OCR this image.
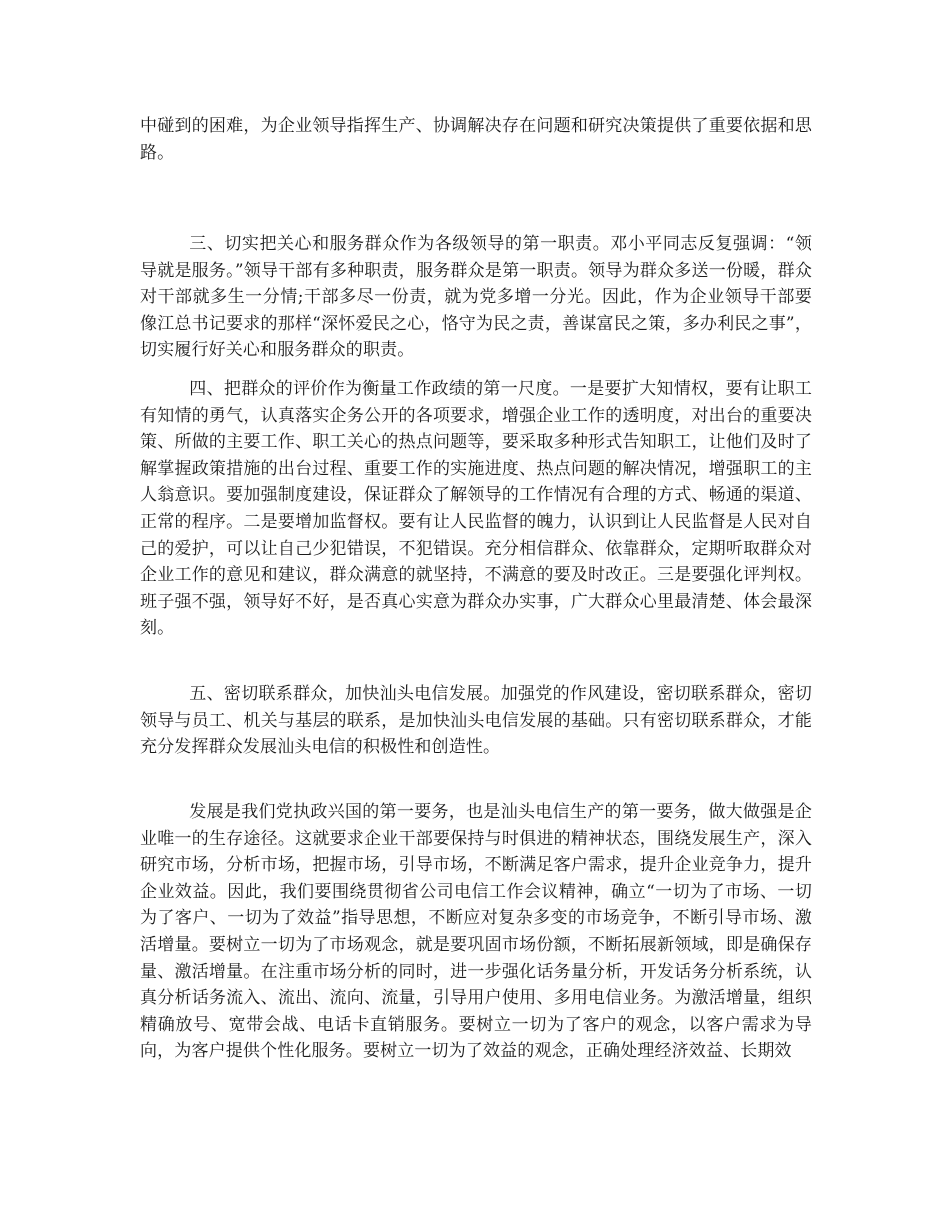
中碰到的困难，为企业领导指挥生产、协调解决存在问题和研究决策提供了重要依据和思路。

三、切实把关心和服务群众作为各级领导的第一职责。邓小平同志反复强调：“领导就是服务。”领导干部有多种职责，服务群众是第一职责。领导为群众多送一份暖，群众对干部就多生一分情;干部多尽一份责，就为党多增一分光。因此，作为企业领导干部要像江总书记要求的那样“深怀爱民之心，恪守为民之责，善谋富民之策，多办利民之事”，切实履行好关心和服务群众的职责。

四、把群众的评价作为衡量工作政绩的第一尺度。一是要扩大知情权，要有让职工有知情的勇气，认真落实企务公开的各项要求，增强企业工作的透明度，对出台的重要决策、所做的主要工作、职工关心的热点问题等，要采取多种形式告知职工，让他们及时了解掌握政策措施的出台过程、重要工作的实施进度、热点问题的解决情况，增强职工的主人翁意识。要加强制度建设，保证群众了解领导的工作情况有合理的方式、畅通的渠道、正常的程序。二是要增加监督权。要有让人民监督的魄力，认识到让人民监督是人民对自己的爱护，可以让自己少犯错误，不犯错误。充分相信群众、依靠群众，定期听取群众对企业工作的意见和建议，群众满意的就坚持，不满意的要及时改正。三是要强化评判权。班子强不强，领导好不好，是否真心实意为群众办实事，广大群众心里最清楚、体会最深刻。

五、密切联系群众，加快汕头电信发展。加强党的作风建设，密切联系群众，密切领导与员工、机关与基层的联系，是加快汕头电信发展的基础。只有密切联系群众，才能充分发挥群众发展汕头电信的积极性和创造性。

发展是我们党执政兴国的第一要务，也是汕头电信生产的第一要务，做大做强是企业唯一的生存途径。这就要求企业干部要保持与时俱进的精神状态，围绕发展生产，深入研究市场，分析市场，把握市场，引导市场，不断满足客户需求，提升企业竞争力，提升企业效益。因此，我们要围绕贯彻省公司电信工作会议精神，确立“一切为了市场、一切为了客户、一切为了效益”指导思想，不断应对复杂多变的市场竞争，不断引导市场、激活增量。要树立一切为了市场观念，就是要巩固市场份额，不断拓展新领域，即是确保存量、激活增量。在注重市场分析的同时，进一步强化话务量分析，开发话务分析系统，认真分析话务流入、流出、流向、流量，引导用户使用、多用电信业务。为激活增量，组织精确放号、宽带会战、电话卡直销服务。要树立一切为了客户的观念，以客户需求为导向，为客户提供个性化服务。要树立一切为了效益的观念，正确处理经济效益、长期效
